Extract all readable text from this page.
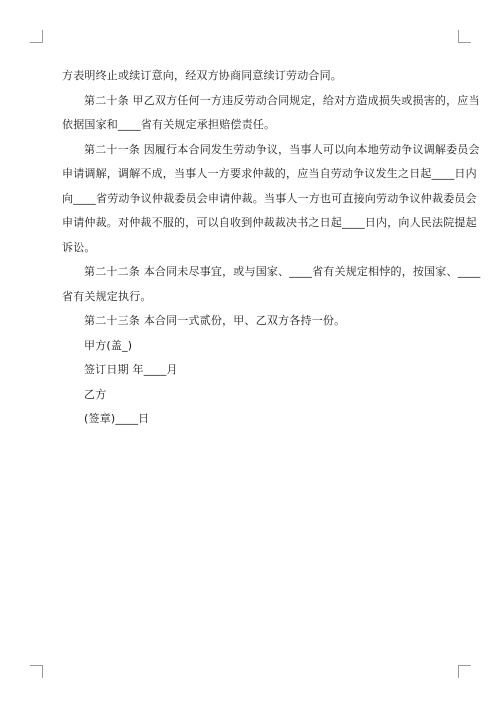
方表明终止或续订意向，经双方协商同意续订劳动合同。

第二十条 甲乙双方任何一方违反劳动合同规定，给对方造成损失或损害的，应当

依据国家和____省有关规定承担赔偿责任。

第二十一条 因履行本合同发生劳动争议，当事人可以向本地劳动争议调解委员会

申请调解，调解不成，当事人一方要求仲裁的，应当自劳动争议发生之日起____日内

向____省劳动争议仲裁委员会申请仲裁。当事人一方也可直接向劳动争议仲裁委员会

申请仲裁。对仲裁不服的，可以自收到仲裁裁决书之日起____日内，向人民法院提起

诉讼。

第二十二条 本合同未尽事宜，或与国家、____省有关规定相悖的，按国家、____

省有关规定执行。

第二十三条 本合同一式贰份，甲、乙双方各持一份。

甲方(盖_)

签订日期 年____月

乙方

(签章)____日
